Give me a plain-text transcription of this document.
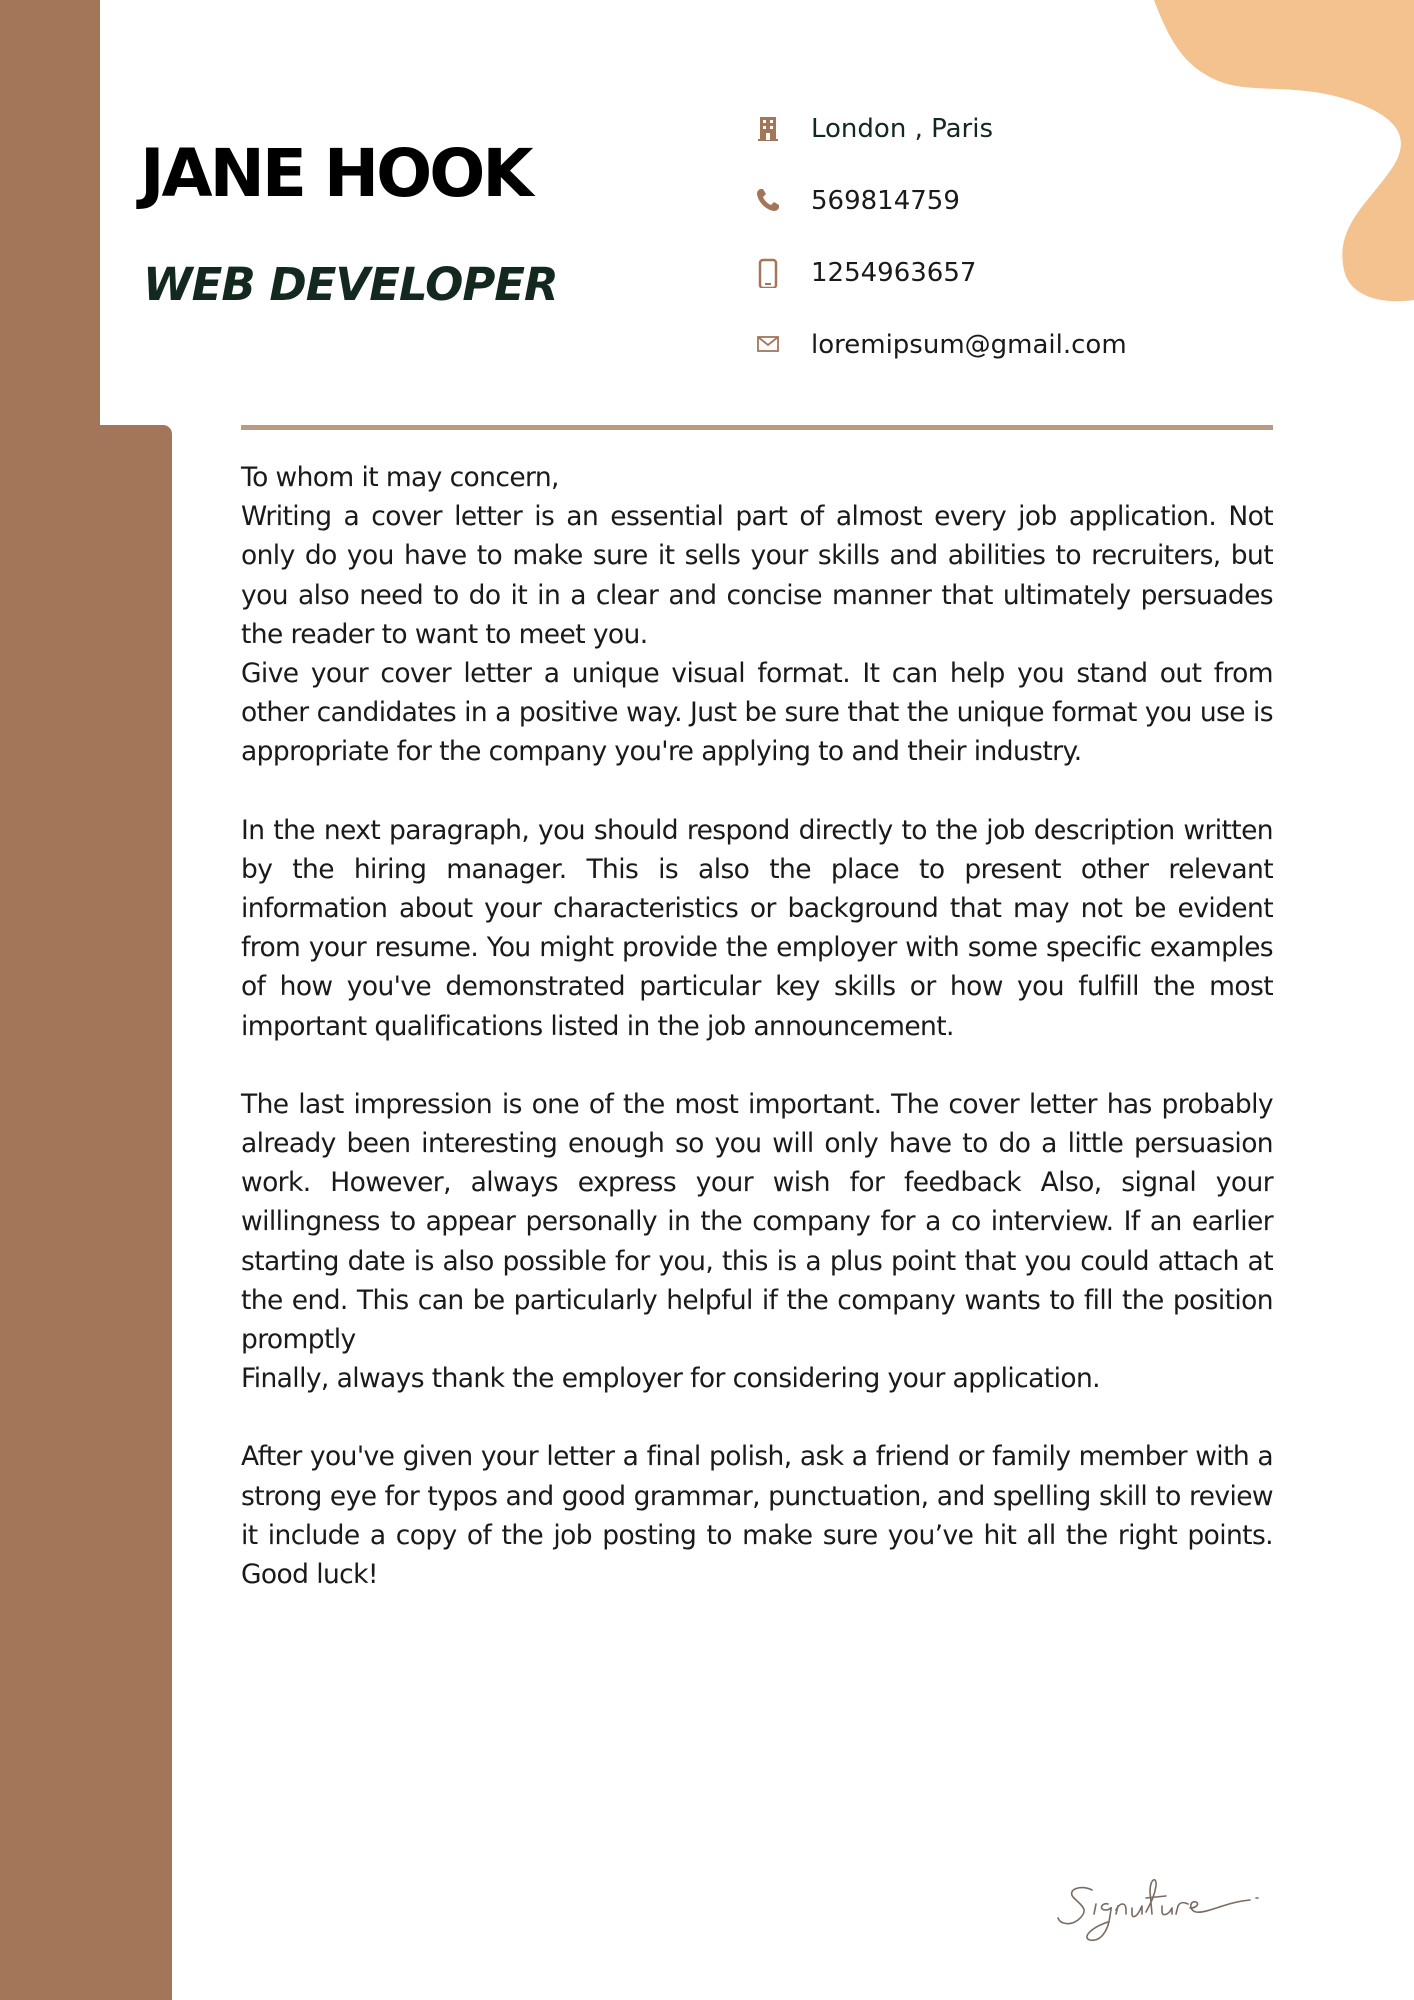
JANE HOOK
WEB DEVELOPER
London , Paris
569814759
1254963657
loremipsum@gmail.com

To whom it may concern,

Writing a cover letter is an essential part of almost every job application. Not only do you have to make sure it sells your skills and abilities to recruiters, but you also need to do it in a clear and concise manner that ultimately persuades the reader to want to meet you.

Give your cover letter a unique visual format. It can help you stand out from other candidates in a positive way. Just be sure that the unique format you use is appropriate for the company you're applying to and their industry.

In the next paragraph, you should respond directly to the job description written by the hiring manager. This is also the place to present other relevant information about your characteristics or background that may not be evident from your resume. You might provide the employer with some specific examples of how you've demonstrated particular key skills or how you fulfill the most important qualifications listed in the job announcement.

The last impression is one of the most important. The cover letter has probably already been interesting enough so you will only have to do a little persuasion work. However, always express your wish for feedback Also, signal your willingness to appear personally in the company for a co interview. If an earlier starting date is also possible for you, this is a plus point that you could attach at the end. This can be particularly helpful if the company wants to fill the position promptly

Finally, always thank the employer for considering your application.

After you've given your letter a final polish, ask a friend or family member with a strong eye for typos and good grammar, punctuation, and spelling skill to review it include a copy of the job posting to make sure you’ve hit all the right points. Good luck!
